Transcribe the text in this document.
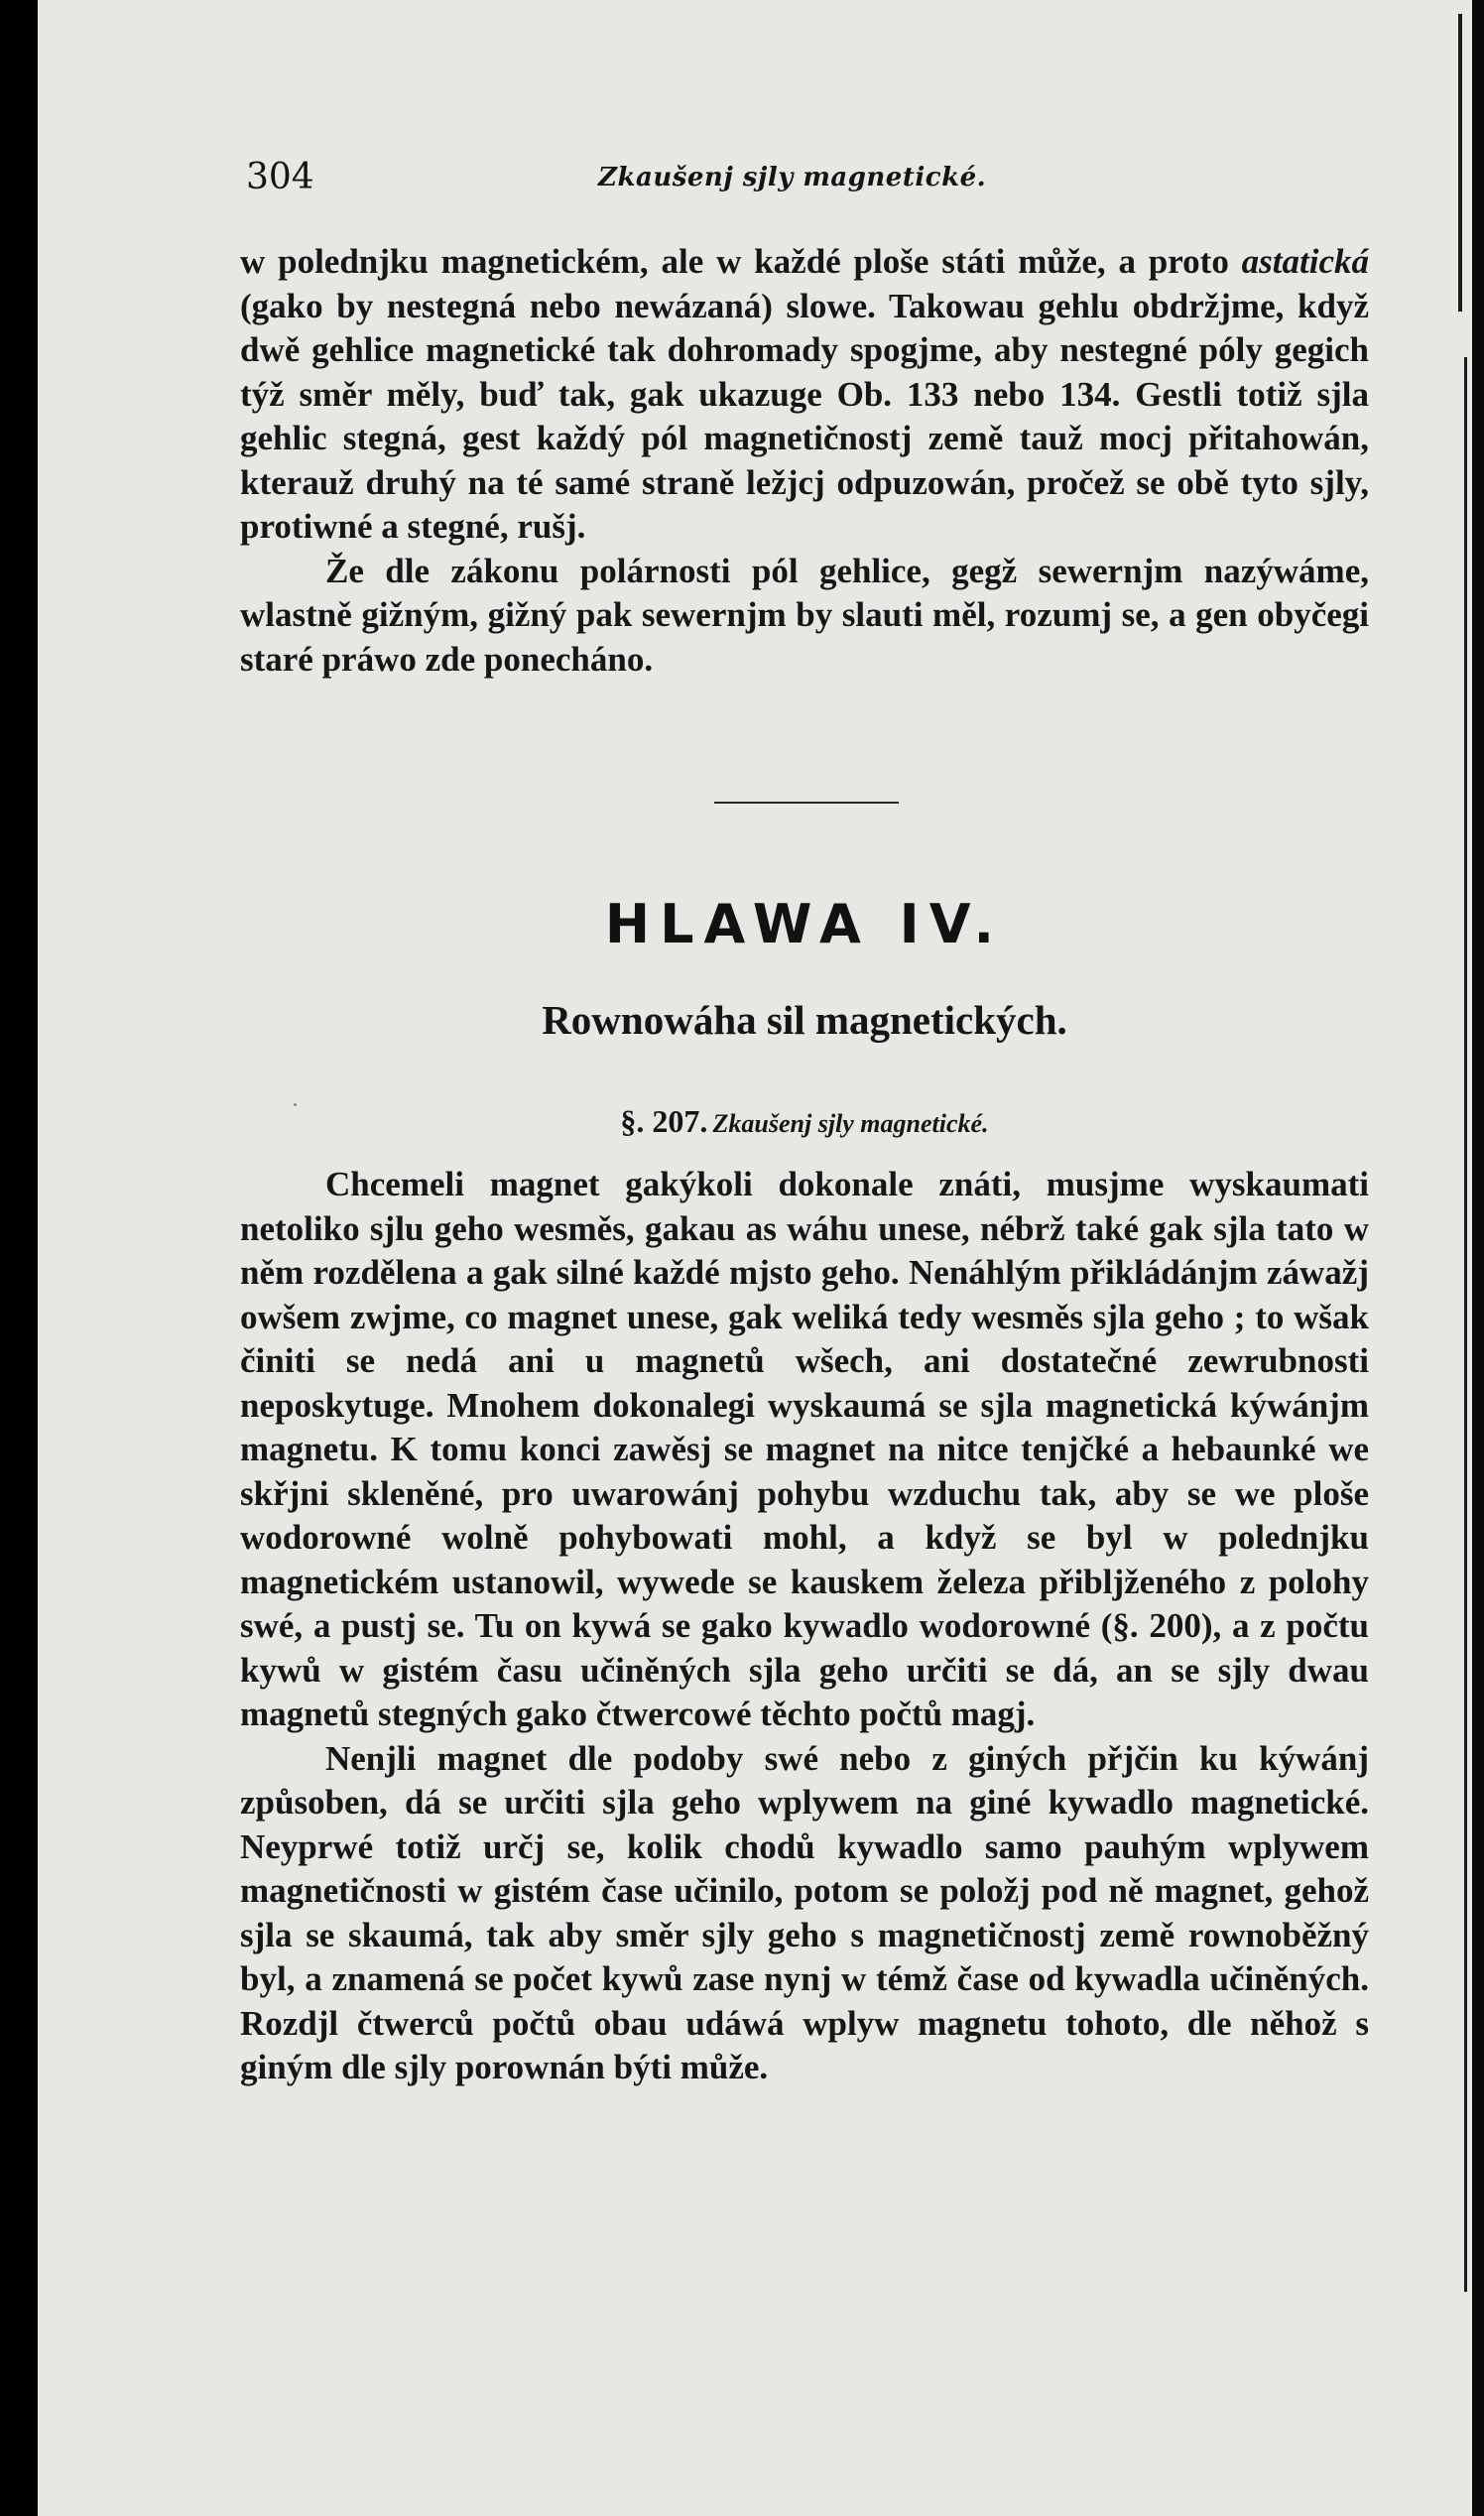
304	Zkaušenj sjly magnetické.

w polednjku magnetickém, ale w každé ploše státi může, a proto astatická (gako by nestegná nebo newázaná) slowe. Takowau gehlu obdržjme, když dwě gehlice magnetické tak dohromady spogjme, aby nestegné póly gegich týž směr měly, buď tak, gak ukazuge Ob. 133 nebo 134. Gestli totiž sjla gehlic stegná, gest každý pól magnetičnostj země tauž mocj přitahowán, kterauž druhý na té samé straně ležjcj odpuzowán, pročež se obě tyto sjly, protiwné a stegné, rušj.

Že dle zákonu polárnosti pól gehlice, gegž sewernjm nazýwáme, wlastně gižným, gižný pak sewernjm by slauti měl, rozumj se, a gen obyčegi staré práwo zde ponecháno.

HLAWA IV.
Rownowáha sil magnetických.
§. 207. Zkaušenj sjly magnetické.

Chcemeli magnet gakýkoli dokonale znáti, musjme wyskaumati netoliko sjlu geho wesměs, gakau as wáhu unese, nébrž také gak sjla tato w něm rozdělena a gak silné každé mjsto geho. Nenáhlým přikládánjm záwažj owšem zwjme, co magnet unese, gak weliká tedy wesměs sjla geho ; to wšak činiti se nedá ani u magnetů wšech, ani dostatečné zewrubnosti neposkytuge. Mnohem dokonalegi wyskaumá se sjla magnetická kýwánjm magnetu. K tomu konci zawěsj se magnet na nitce tenjčké a hebaunké we skřjni skleněné, pro uwarowánj pohybu wzduchu tak, aby se we ploše wodorowné wolně pohybowati mohl, a když se byl w polednjku magnetickém ustanowil, wywede se kauskem železa přibljženého z polohy swé, a pustj se. Tu on kywá se gako kywadlo wodorowné (§. 200), a z počtu kywů w gistém času učiněných sjla geho určiti se dá, an se sjly dwau magnetů stegných gako čtwercowé těchto počtů magj.

Nenjli magnet dle podoby swé nebo z giných přjčin ku kýwánj způsoben, dá se určiti sjla geho wplywem na giné kywadlo magnetické. Neyprwé totiž určj se, kolik chodů kywadlo samo pauhým wplywem magnetičnosti w gistém čase učinilo, potom se položj pod ně magnet, gehož sjla se skaumá, tak aby směr sjly geho s magnetičnostj země rownoběžný byl, a znamená se počet kywů zase nynj w témž čase od kywadla učiněných. Rozdjl čtwerců počtů obau udáwá wplyw magnetu tohoto, dle něhož s giným dle sjly porownán býti může.
